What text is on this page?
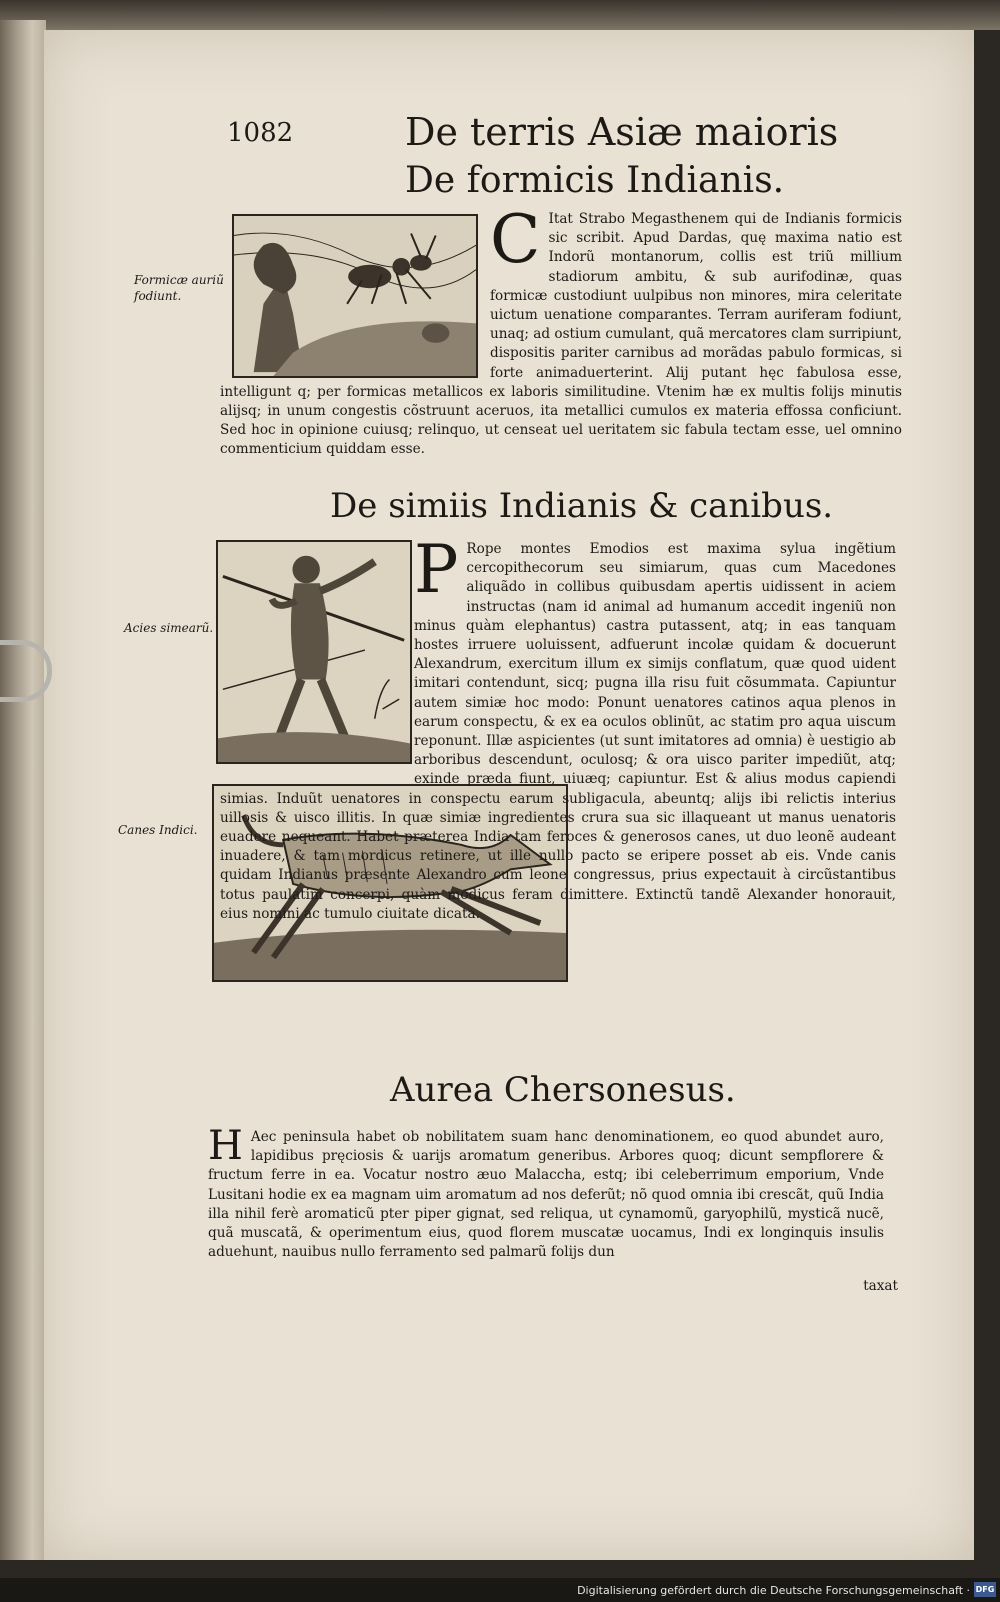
1082	De terris Asiæ maioris
De formicis Indianis.
Formicæ auriũ fodiunt.
C Itat Strabo Megasthenem qui de Indianis formicis sic scribit. Apud Dardas, quę maxima natio est Indorũ montanorum, collis est triũ millium stadiorum ambitu, & sub aurifodinæ, quas formicæ custodiunt uulpibus non minores, mira celeritate uictum uenatione comparantes. Terram auriferam fodiunt, unaq; ad ostium cumulant, quã mercatores clam surripiunt, dispositis pariter carnibus ad morãdas pabulo formicas, si forte animaduerterint. Alij putant hęc fabulosa esse, intelligunt q; per formicas metallicos ex laboris similitudine. Vtenim hæ ex multis folijs minutis alijsq; in unum congestis cõstruunt aceruos, ita metallici cumulos ex materia effossa conficiunt. Sed hoc in opinione cuiusq; relinquo, ut censeat uel ueritatem sic fabula tectam esse, uel omnino commenticium quiddam esse.
De simiis Indianis & canibus.
Acies simearũ.
Canes Indici.
P Rope montes Emodios est maxima sylua ingẽtium cercopithecorum seu simiarum, quas cum Macedones aliquãdo in collibus quibusdam apertis uidissent in aciem instructas (nam id animal ad humanum accedit ingeniũ non minus quàm elephantus) castra putassent, atq; in eas tanquam hostes irruere uoluissent, adfuerunt incolæ quidam & docuerunt Alexandrum, exercitum illum ex simijs conflatum, quæ quod uident imitari contendunt, sicq; pugna illa risu fuit cõsummata. Capiuntur autem simiæ hoc modo: Ponunt uenatores catinos aqua plenos in earum conspectu, & ex ea oculos oblinũt, ac statim pro aqua uiscum reponunt. Illæ aspicientes (ut sunt imitatores ad omnia) è uestigio ab arboribus descendunt, oculosq; & ora uisco pariter impediũt, atq; exinde præda fiunt, uiuæq; capiuntur. Est & alius modus capiendi simias. Induũt uenatores in conspectu earum subligacula, abeuntq; alijs ibi relictis interius uillosis & uisco illitis. In quæ simiæ ingredientes crura sua sic illaqueant ut manus uenatoris euadere nequeant. Habet præterea India tam feroces & generosos canes, ut duo leonẽ audeant inuadere, & tam mordicus retinere, ut ille nullo pacto se eripere posset ab eis. Vnde canis quidam Indianus præsente Alexandro cum leone congressus, prius expectauit à circũstantibus totus paulatim concerpi, quàm modicus feram dimittere. Extinctũ tandẽ Alexander honorauit, eius nomini ac tumulo ciuitate dicata.
Aurea Chersonesus.
H Aec peninsula habet ob nobilitatem suam hanc denominationem, eo quod abundet auro, lapidibus pręciosis & uarijs aromatum generibus. Arbores quoq; dicunt sempflorere & fructum ferre in ea. Vocatur nostro æuo Malaccha, estq; ibi celeberrimum emporium, Vnde Lusitani hodie ex ea magnam uim aromatum ad nos deferũt; nõ quod omnia ibi crescãt, quũ India illa nihil ferè aromaticũ pter piper gignat, sed reliqua, ut cynamomũ, garyophilũ, mysticã nucẽ, quã muscatã, & operimentum eius, quod florem muscatæ uocamus, Indi ex longinquis insulis aduehunt, nauibus nullo ferramento sed palmarũ folijs dun
taxat
Digitalisierung gefördert durch die Deutsche Forschungsgemeinschaft · DFG
